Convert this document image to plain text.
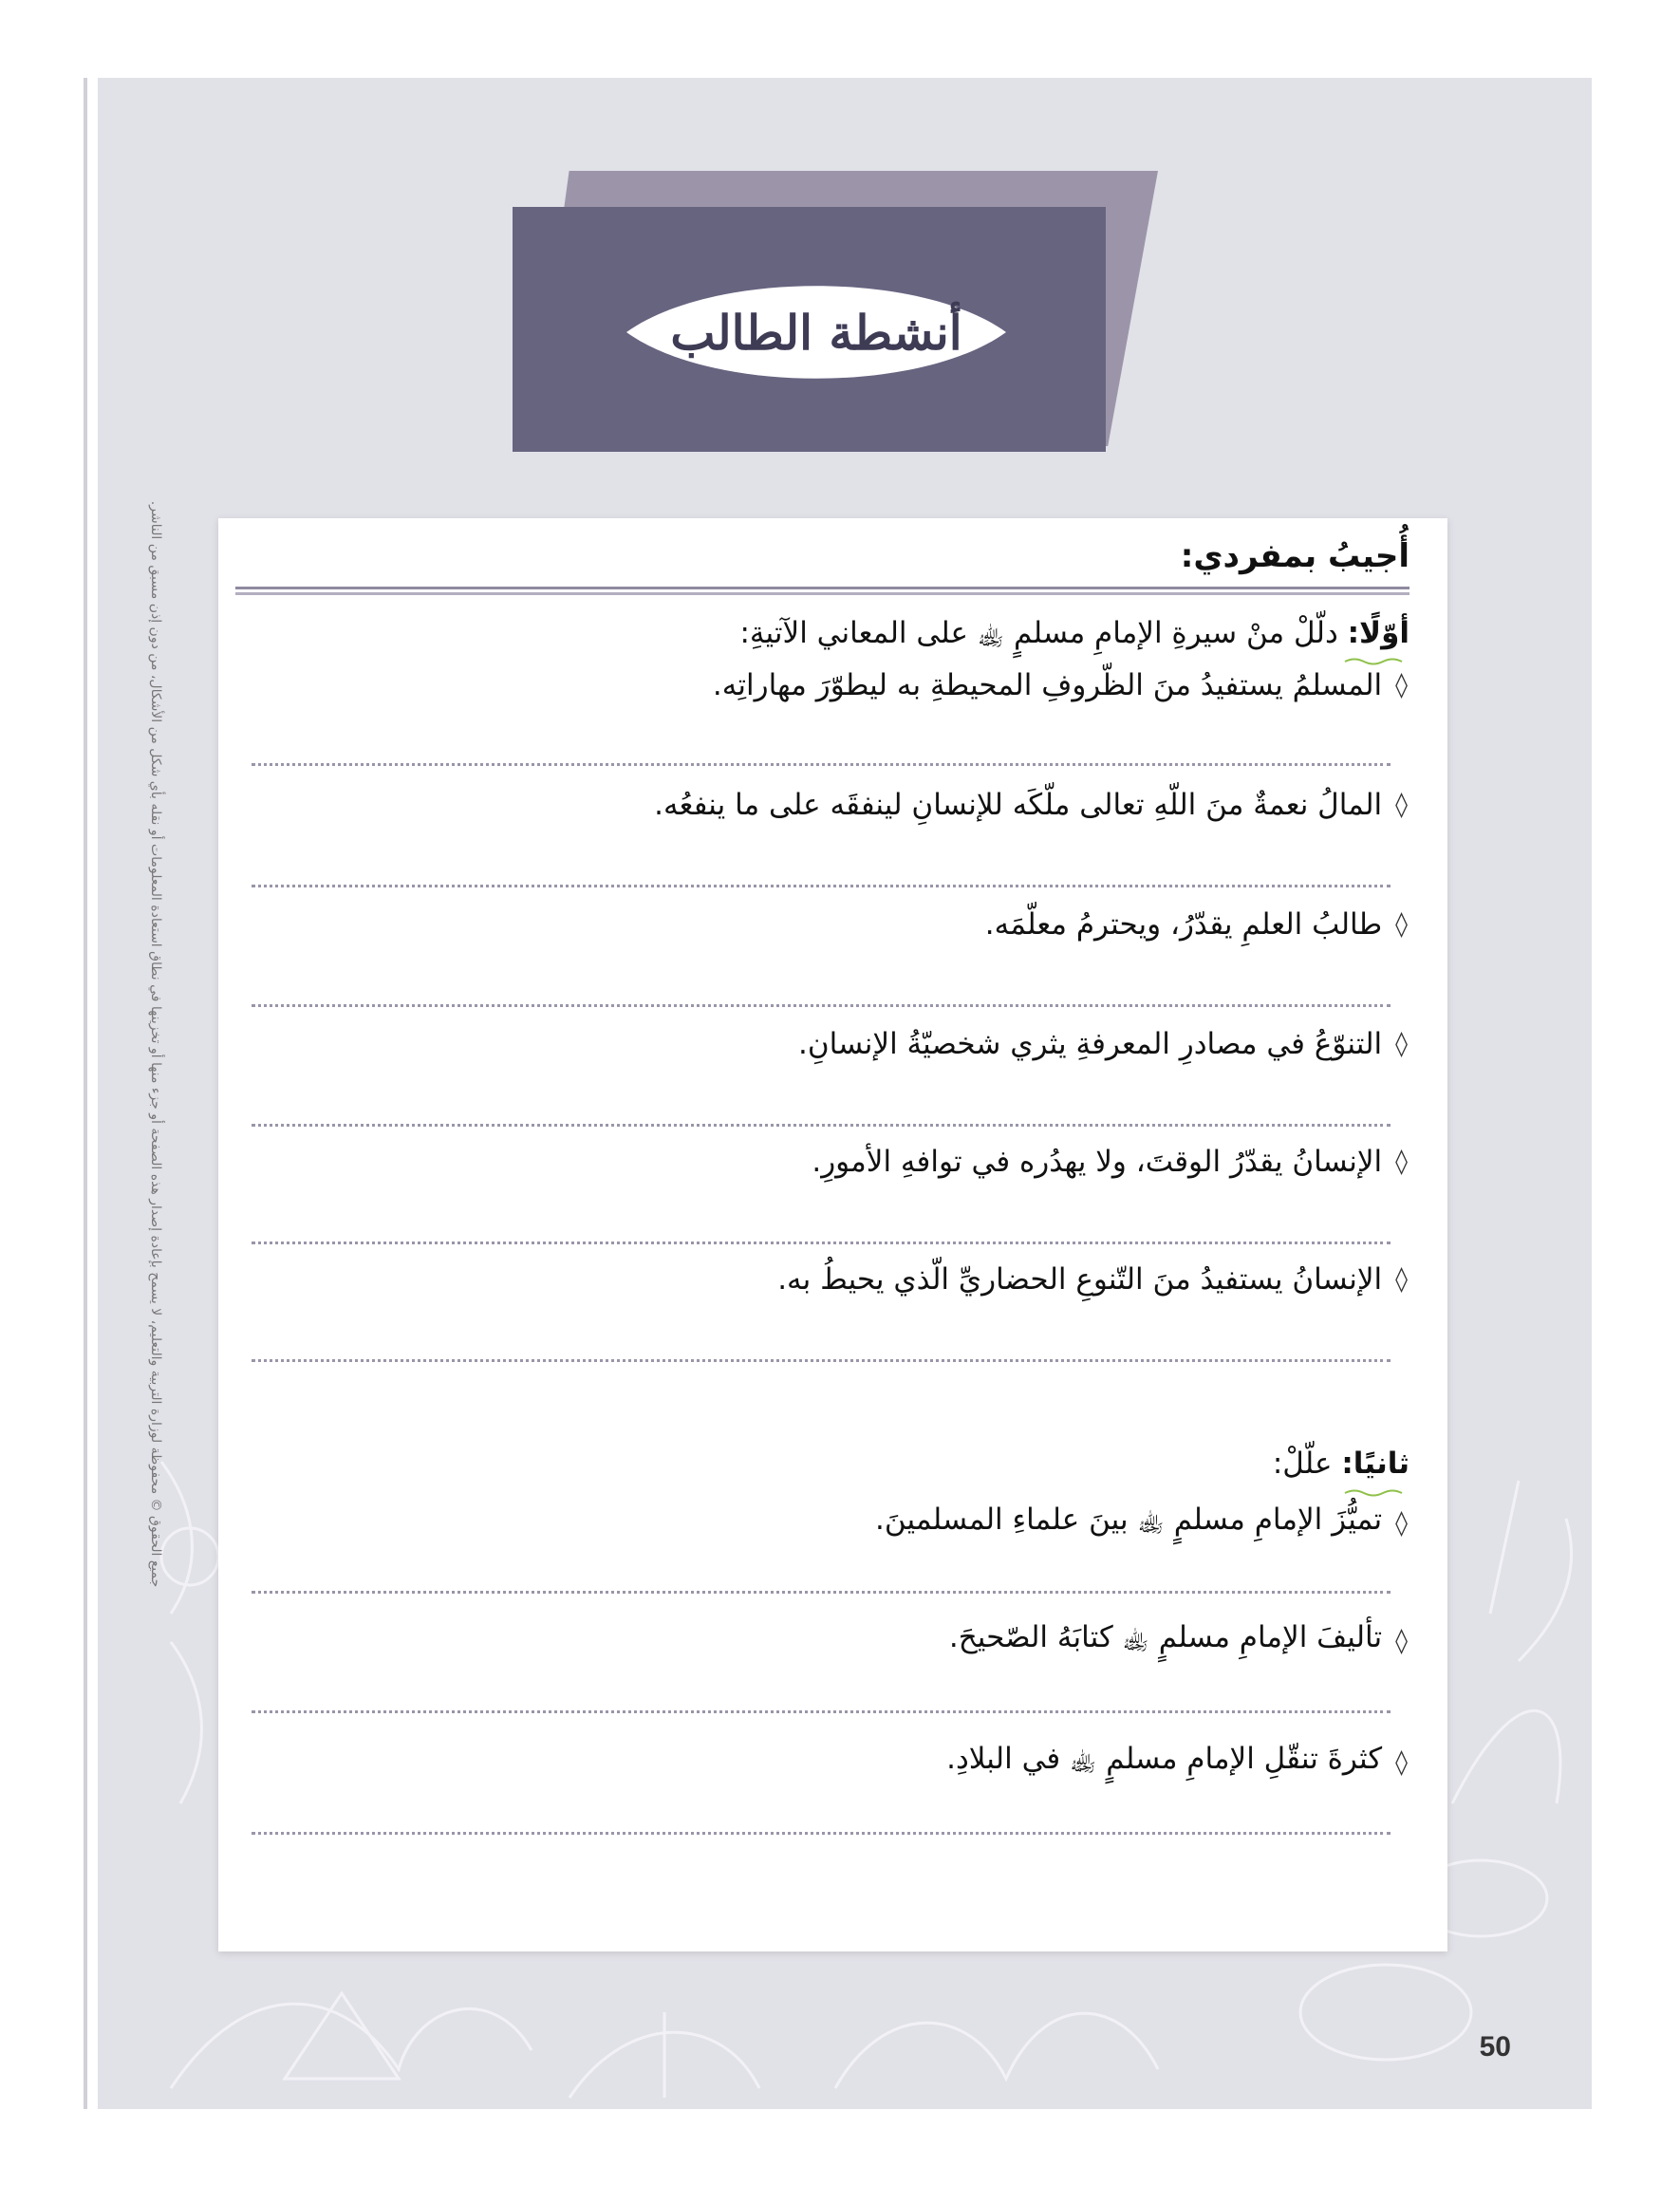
أنشطة الطالب
جميع الحقوق © محفوظة لوزارة التربية والتعليم، لا يسمح بإعادة إصدار هذه الصفحة أو جزء منها أو تخزينها في نطاق استعادة المعلومات أو نقله بأي شكل من الأشكال، من دون إذن مسبق من الناشر.	أُجيبُ بمفردي:
أوّلًا: دلّلْ منْ سيرةِ الإمامِ مسلمٍ ﵀ على المعاني الآتيةِ:
◊
المسلمُ يستفيدُ منَ الظّروفِ المحيطةِ به ليطوّرَ مهاراتِه.
◊
المالُ نعمةٌ منَ اللّهِ تعالى ملّكَه للإنسانِ لينفقَه على ما ينفعُه.
◊
طالبُ العلمِ يقدّرُ، ويحترمُ معلّمَه.
◊
التنوّعُ في مصادرِ المعرفةِ يثري شخصيّةُ الإنسانِ.
◊
الإنسانُ يقدّرُ الوقتَ، ولا يهدُره في توافهِ الأمورِ.
◊
الإنسانُ يستفيدُ منَ التّنوعِ الحضاريِّ الّذي يحيطُ به.
ثانيًا: علّلْ:
◊
تميُّزَ الإمامِ مسلمٍ ﵀ بينَ علماءِ المسلمينَ.
◊
تأليفَ الإمامِ مسلمٍ ﵀ كتابَهُ الصّحيحَ.
◊
كثرةَ تنقّلِ الإمامِ مسلمٍ ﵀ في البلادِ.
50
